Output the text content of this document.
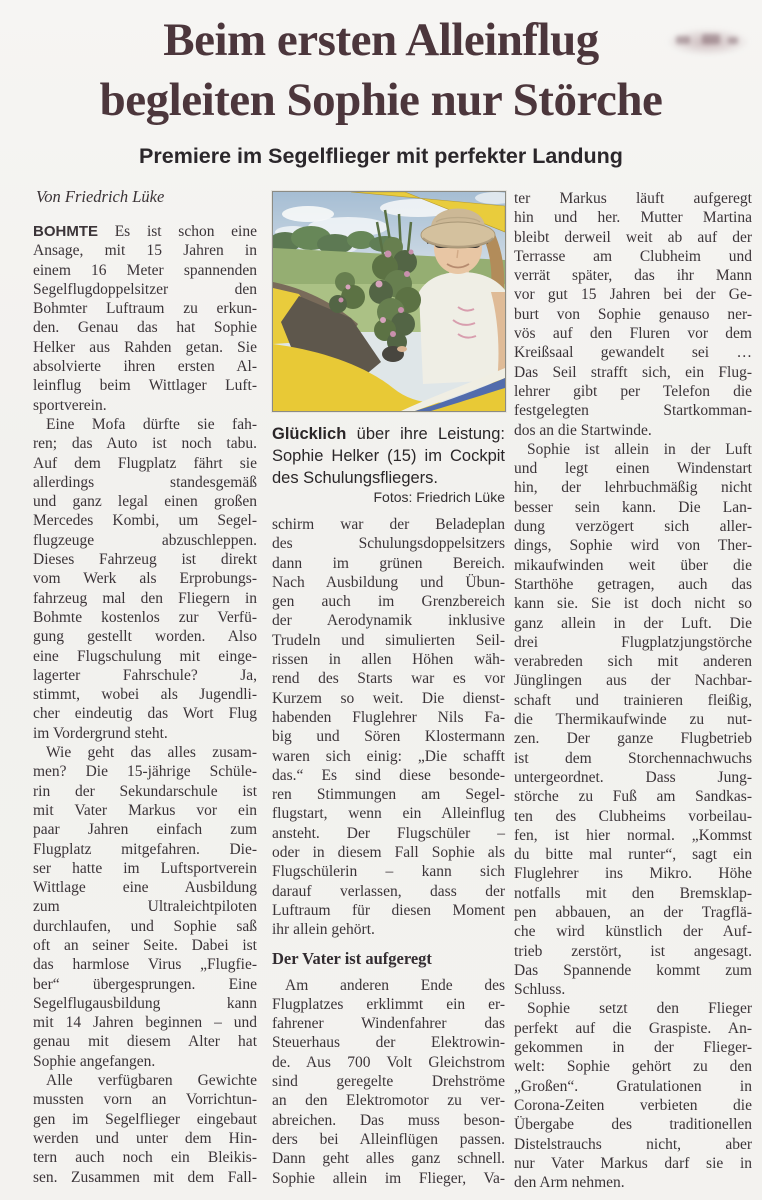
Beim ersten Alleinflug
begleiten Sophie nur Störche
Premiere im Segelflieger mit perfekter Landung
Von Friedrich Lüke
Glücklich über ihre Leistung:
Sophie Helker (15) im Cockpit
des Schulungsfliegers.
Fotos: Friedrich Lüke
BOHMTE Es ist schon eine
Ansage, mit 15 Jahren in
einem 16 Meter spannenden
Segelflugdoppelsitzer den
Bohmter Luftraum zu erkun-
den. Genau das hat Sophie
Helker aus Rahden getan. Sie
absolvierte ihren ersten Al-
leinflug beim Wittlager Luft-
sportverein.
Eine Mofa dürfte sie fah-
ren; das Auto ist noch tabu.
Auf dem Flugplatz fährt sie
allerdings standesgemäß
und ganz legal einen großen
Mercedes Kombi, um Segel-
flugzeuge abzuschleppen.
Dieses Fahrzeug ist direkt
vom Werk als Erprobungs-
fahrzeug mal den Fliegern in
Bohmte kostenlos zur Verfü-
gung gestellt worden. Also
eine Flugschulung mit einge-
lagerter Fahrschule? Ja,
stimmt, wobei als Jugendli-
cher eindeutig das Wort Flug
im Vordergrund steht.
Wie geht das alles zusam-
men? Die 15-jährige Schüle-
rin der Sekundarschule ist
mit Vater Markus vor ein
paar Jahren einfach zum
Flugplatz mitgefahren. Die-
ser hatte im Luftsportverein
Wittlage eine Ausbildung
zum Ultraleichtpiloten
durchlaufen, und Sophie saß
oft an seiner Seite. Dabei ist
das harmlose Virus „Flugfie-
ber“ übergesprungen. Eine
Segelflugausbildung kann
mit 14 Jahren beginnen – und
genau mit diesem Alter hat
Sophie angefangen.
Alle verfügbaren Gewichte
mussten vorn an Vorrichtun-
gen im Segelflieger eingebaut
werden und unter dem Hin-
tern auch noch ein Bleikis-
sen. Zusammen mit dem Fall-
schirm war der Beladeplan
des Schulungsdoppelsitzers
dann im grünen Bereich.
Nach Ausbildung und Übun-
gen auch im Grenzbereich
der Aerodynamik inklusive
Trudeln und simulierten Seil-
rissen in allen Höhen wäh-
rend des Starts war es vor
Kurzem so weit. Die dienst-
habenden Fluglehrer Nils Fa-
big und Sören Klostermann
waren sich einig: „Die schafft
das.“ Es sind diese besonde-
ren Stimmungen am Segel-
flugstart, wenn ein Alleinflug
ansteht. Der Flugschüler –
oder in diesem Fall Sophie als
Flugschülerin – kann sich
darauf verlassen, dass der
Luftraum für diesen Moment
ihr allein gehört.
Der Vater ist aufgeregt
Am anderen Ende des
Flugplatzes erklimmt ein er-
fahrener Windenfahrer das
Steuerhaus der Elektrowin-
de. Aus 700 Volt Gleichstrom
sind geregelte Drehströme
an den Elektromotor zu ver-
abreichen. Das muss beson-
ders bei Alleinflügen passen.
Dann geht alles ganz schnell.
Sophie allein im Flieger, Va-
ter Markus läuft aufgeregt
hin und her. Mutter Martina
bleibt derweil weit ab auf der
Terrasse am Clubheim und
verrät später, das ihr Mann
vor gut 15 Jahren bei der Ge-
burt von Sophie genauso ner-
vös auf den Fluren vor dem
Kreißsaal gewandelt sei …
Das Seil strafft sich, ein Flug-
lehrer gibt per Telefon die
festgelegten Startkomman-
dos an die Startwinde.
Sophie ist allein in der Luft
und legt einen Windenstart
hin, der lehrbuchmäßig nicht
besser sein kann. Die Lan-
dung verzögert sich aller-
dings, Sophie wird von Ther-
mikaufwinden weit über die
Starthöhe getragen, auch das
kann sie. Sie ist doch nicht so
ganz allein in der Luft. Die
drei Flugplatzjungstörche
verabreden sich mit anderen
Jünglingen aus der Nachbar-
schaft und trainieren fleißig,
die Thermikaufwinde zu nut-
zen. Der ganze Flugbetrieb
ist dem Storchennachwuchs
untergeordnet. Dass Jung-
störche zu Fuß am Sandkas-
ten des Clubheims vorbeilau-
fen, ist hier normal. „Kommst
du bitte mal runter“, sagt ein
Fluglehrer ins Mikro. Höhe
notfalls mit den Bremsklap-
pen abbauen, an der Tragflä-
che wird künstlich der Auf-
trieb zerstört, ist angesagt.
Das Spannende kommt zum
Schluss.
Sophie setzt den Flieger
perfekt auf die Graspiste. An-
gekommen in der Flieger-
welt: Sophie gehört zu den
„Großen“. Gratulationen in
Corona-Zeiten verbieten die
Übergabe des traditionellen
Distelstrauchs nicht, aber
nur Vater Markus darf sie in
den Arm nehmen.
